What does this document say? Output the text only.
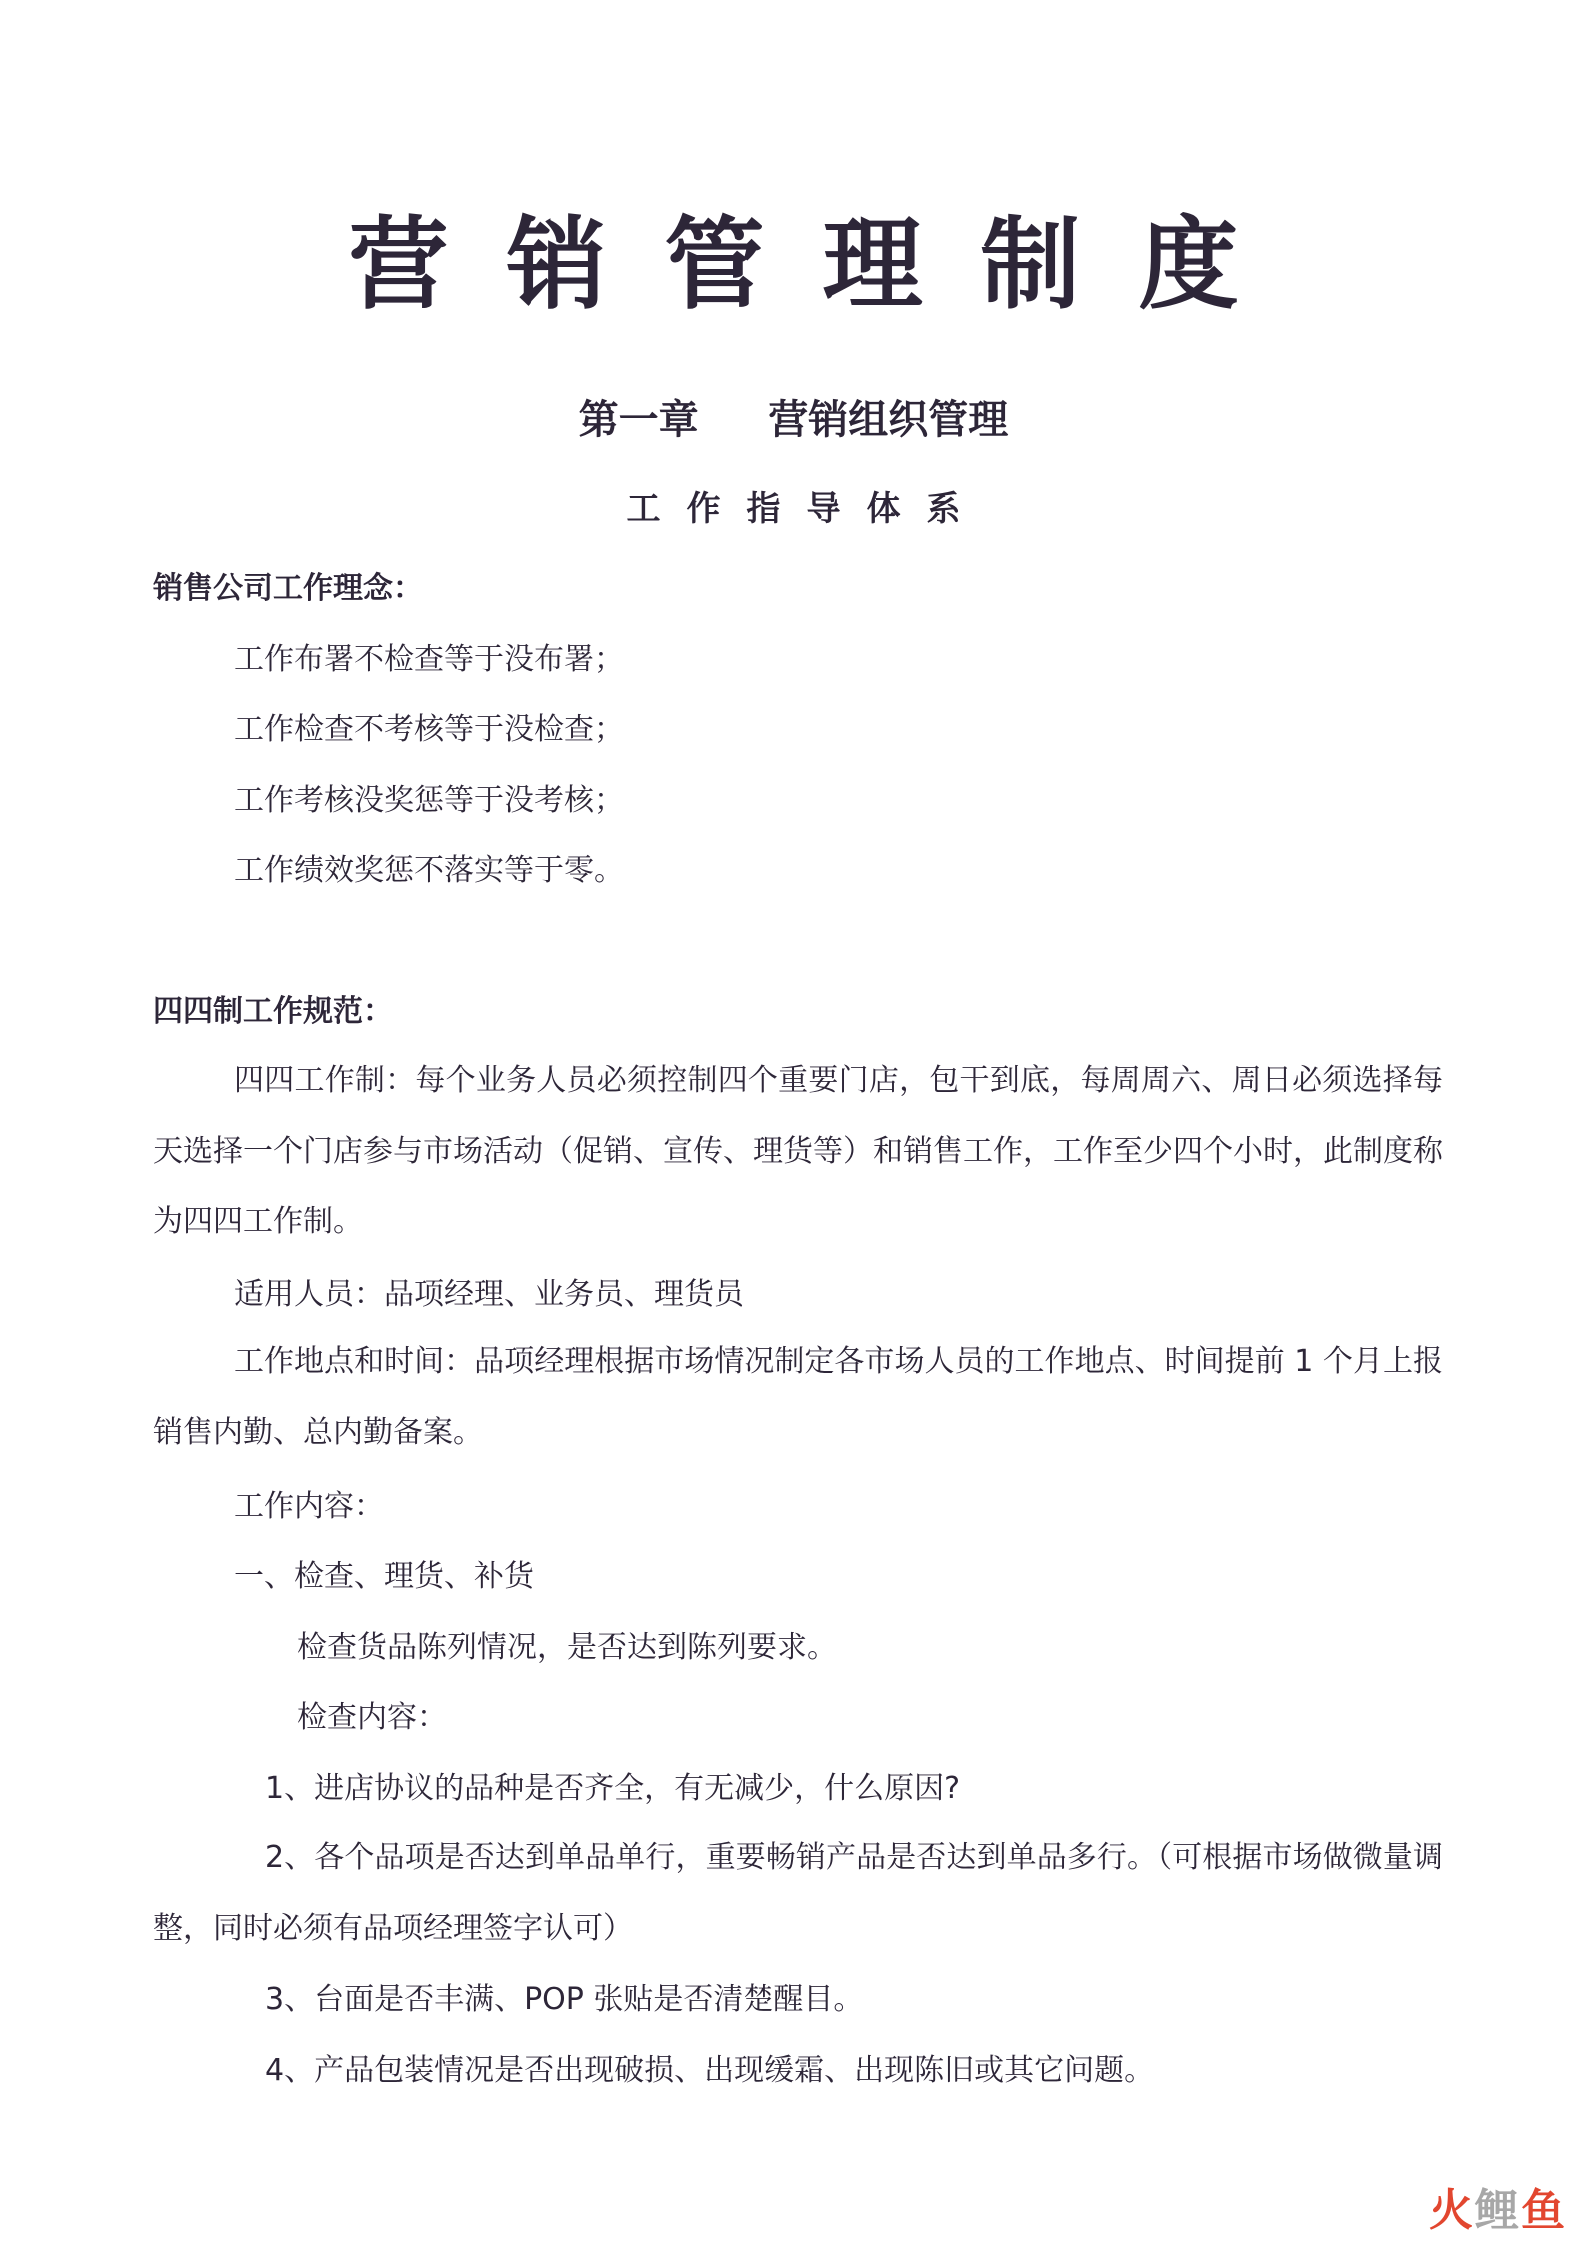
营销管理制度
第一章     营销组织管理
工作指导体系

销售公司工作理念：

工作布署不检查等于没布署；

工作检查不考核等于没检查；

工作考核没奖惩等于没考核；

工作绩效奖惩不落实等于零。

四四制工作规范：

四四工作制：每个业务人员必须控制四个重要门店，包干到底，每周周六、周日必须选择每天选择一个门店参与市场活动（促销、宣传、理货等）和销售工作，工作至少四个小时，此制度称为四四工作制。

适用人员：品项经理、业务员、理货员

工作地点和时间：品项经理根据市场情况制定各市场人员的工作地点、时间提前 1 个月上报销售内勤、总内勤备案。

工作内容：

一、检查、理货、补货

检查货品陈列情况，是否达到陈列要求。

检查内容：

1、进店协议的品种是否齐全，有无减少，什么原因?

2、各个品项是否达到单品单行，重要畅销产品是否达到单品多行。（可根据市场做微量调整，同时必须有品项经理签字认可）

3、台面是否丰满、POP 张贴是否清楚醒目。

4、产品包装情况是否出现破损、出现缓霜、出现陈旧或其它问题。

火鲤鱼
